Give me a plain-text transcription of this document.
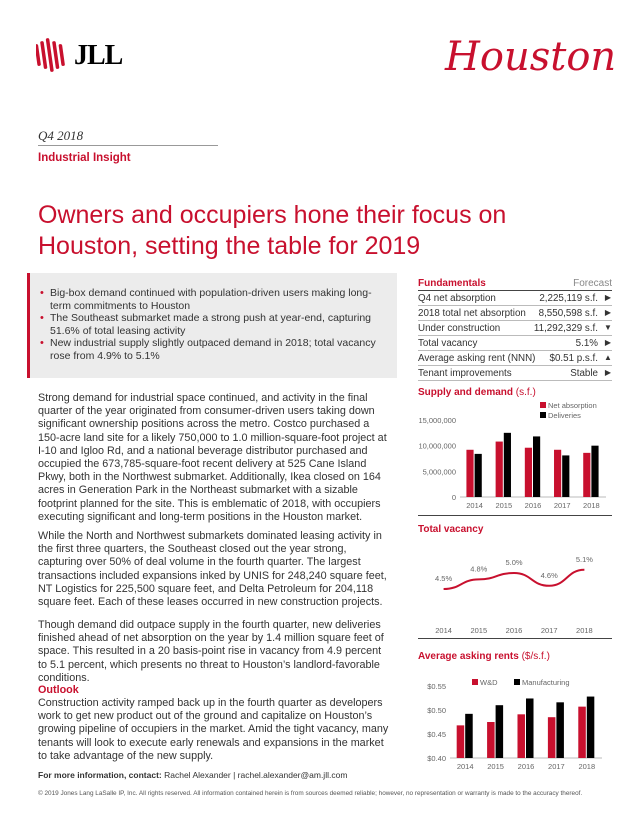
JLL	Houston
Q4 2018
Industrial Insight
Owners and occupiers hone their focus on Houston, setting the table for 2019
• Big-box demand continued with population-driven users making long-term commitments to Houston
• The Southeast submarket made a strong push at year-end, capturing 51.6% of total leasing activity
• New industrial supply slightly outpaced demand in 2018; total vacancy rose from 4.9% to 5.1%

Strong demand for industrial space continued, and activity in the final quarter of the year originated from consumer-driven users taking down significant ownership positions across the metro. Costco purchased a 150-acre land site for a likely 750,000 to 1.0 million-square-foot project at I-10 and Igloo Rd, and a national beverage distributor purchased and occupied the 673,785-square-foot recent delivery at 525 Cane Island Pkwy, both in the Northwest submarket. Additionally, Ikea closed on 164 acres in Generation Park in the Northeast submarket with a sizable footprint planned for the site. This is emblematic of 2018, with occupiers executing significant and long-term positions in the Houston market.

While the North and Northwest submarkets dominated leasing activity in the first three quarters, the Southeast closed out the year strong, capturing over 50% of deal volume in the fourth quarter. The largest transactions included expansions inked by UNIS for 248,240 square feet, NT Logistics for 225,500 square feet, and Delta Petroleum for 204,118 square feet. Each of these leases occurred in new construction projects.

Though demand did outpace supply in the fourth quarter, new deliveries finished ahead of net absorption on the year by 1.4 million square feet of space. This resulted in a 20 basis-point rise in vacancy from 4.9 percent to 5.1 percent, which presents no threat to Houston’s landlord-favorable conditions.

Outlook

Construction activity ramped back up in the fourth quarter as developers work to get new product out of the ground and capitalize on Houston’s growing pipeline of occupiers in the market. Amid the tight vacancy, many tenants will look to execute early renewals and expansions in the market to take advantage of the new supply.

For more information, contact: Rachel Alexander | rachel.alexander@am.jll.com
© 2019 Jones Lang LaSalle IP, Inc. All rights reserved. All information contained herein is from sources deemed reliable; however, no representation or warranty is made to the accuracy thereof.
Fundamentals	Forecast
Q4 net absorption	2,225,119 s.f. ▶
2018 total net absorption 8,550,598 s.f. ▶
Under construction	11,292,329 s.f. ▼
Total vacancy	5.1% ▶
Average asking rent (NNN) $0.51 p.s.f. ▲
Tenant improvements	Stable ▶
Supply and demand (s.f.)
0
5,000,000
10,000,000
15,000,000
2014 2015 2016 2017 2018
Net absorption
Deliveries
Total vacancy
4.5%
2014
4.8%
2015
5.0%
2016
4.6%
2017
5.1%
2018
Average asking rents ($/s.f.)
$0.40
$0.45
$0.50
$0.55
2014 2015 2016 2017 2018
W&D	Manufacturing
